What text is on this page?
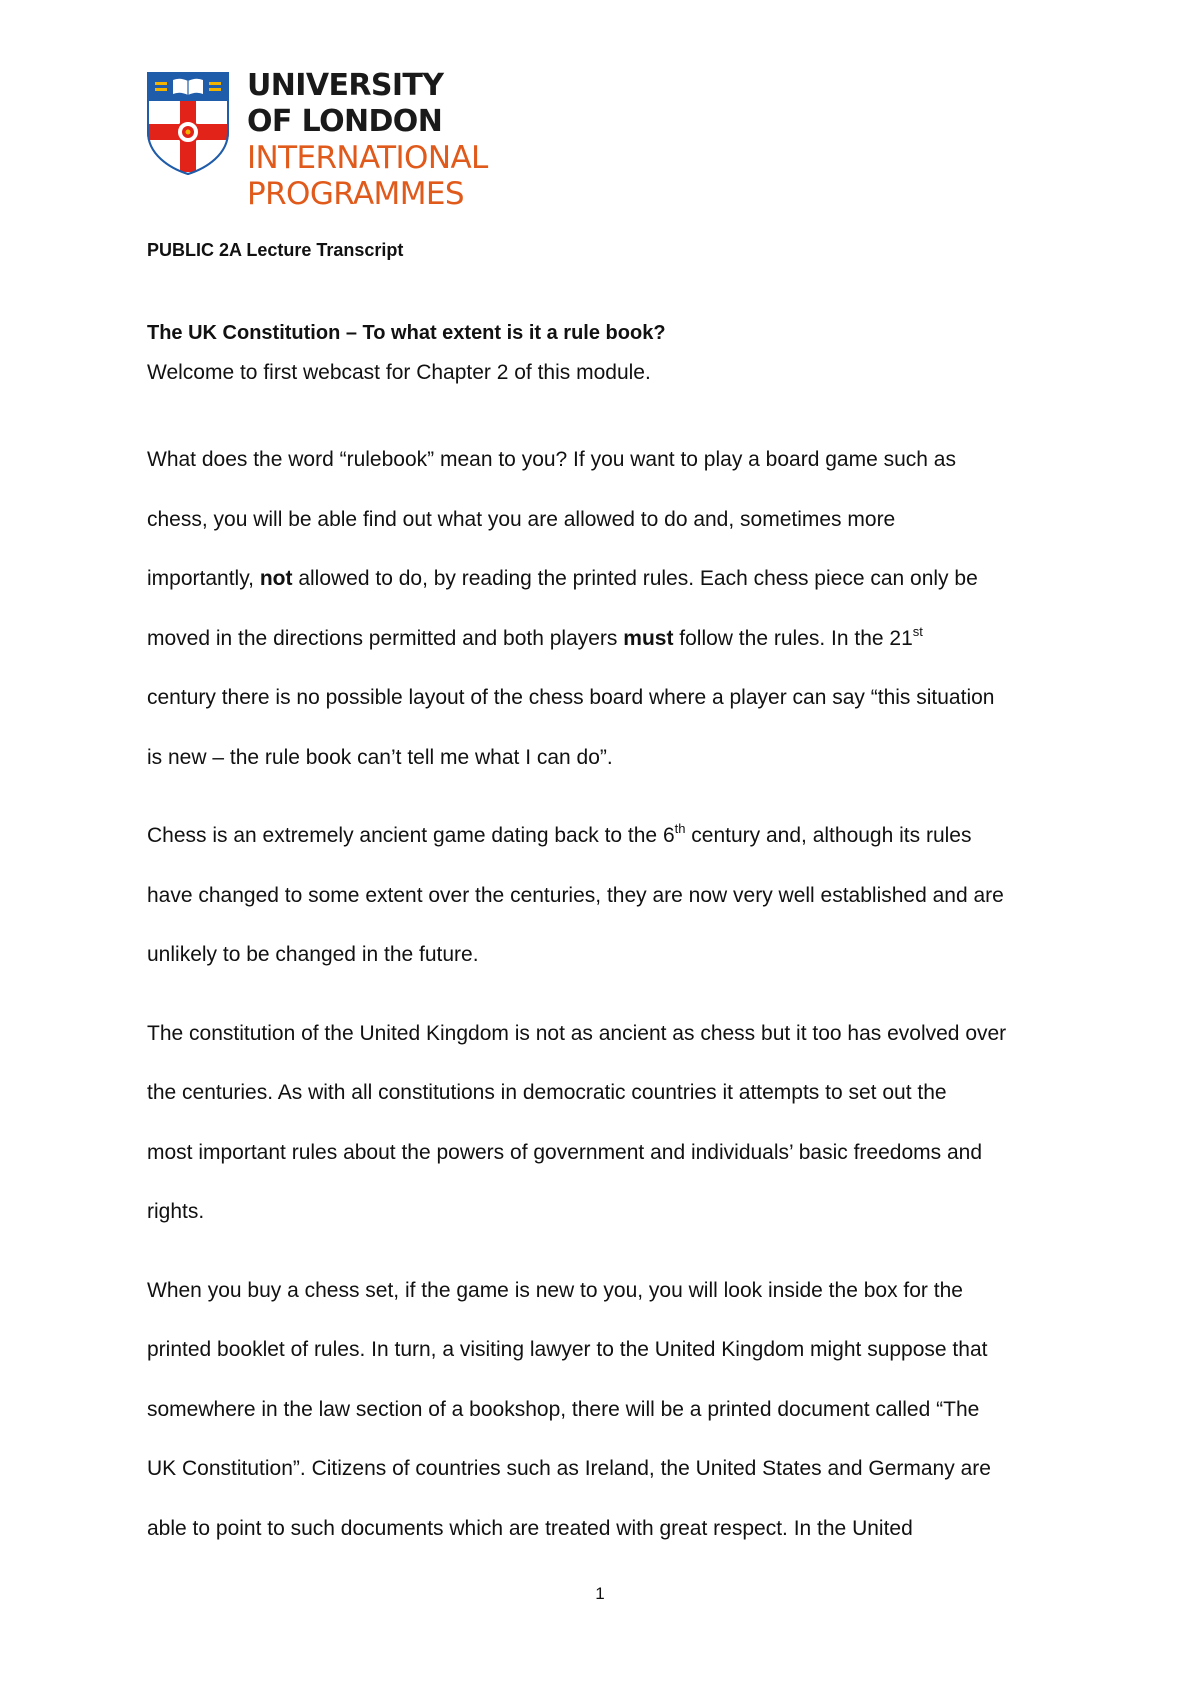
UNIVERSITY
OF LONDON
INTERNATIONAL
PROGRAMMES
PUBLIC 2A Lecture Transcript
The UK Constitution – To what extent is it a rule book?
Welcome to first webcast for Chapter 2 of this module.
What does the word “rulebook” mean to you? If you want to play a board game such as
chess, you will be able find out what you are allowed to do and, sometimes more
importantly, not allowed to do, by reading the printed rules. Each chess piece can only be
moved in the directions permitted and both players must follow the rules. In the 21st
century there is no possible layout of the chess board where a player can say “this situation
is new – the rule book can’t tell me what I can do”.
Chess is an extremely ancient game dating back to the 6th century and, although its rules
have changed to some extent over the centuries, they are now very well established and are
unlikely to be changed in the future.
The constitution of the United Kingdom is not as ancient as chess but it too has evolved over
the centuries. As with all constitutions in democratic countries it attempts to set out the
most important rules about the powers of government and individuals’ basic freedoms and
rights.
When you buy a chess set, if the game is new to you, you will look inside the box for the
printed booklet of rules. In turn, a visiting lawyer to the United Kingdom might suppose that
somewhere in the law section of a bookshop, there will be a printed document called “The
UK Constitution”. Citizens of countries such as Ireland, the United States and Germany are
able to point to such documents which are treated with great respect. In the United
1
